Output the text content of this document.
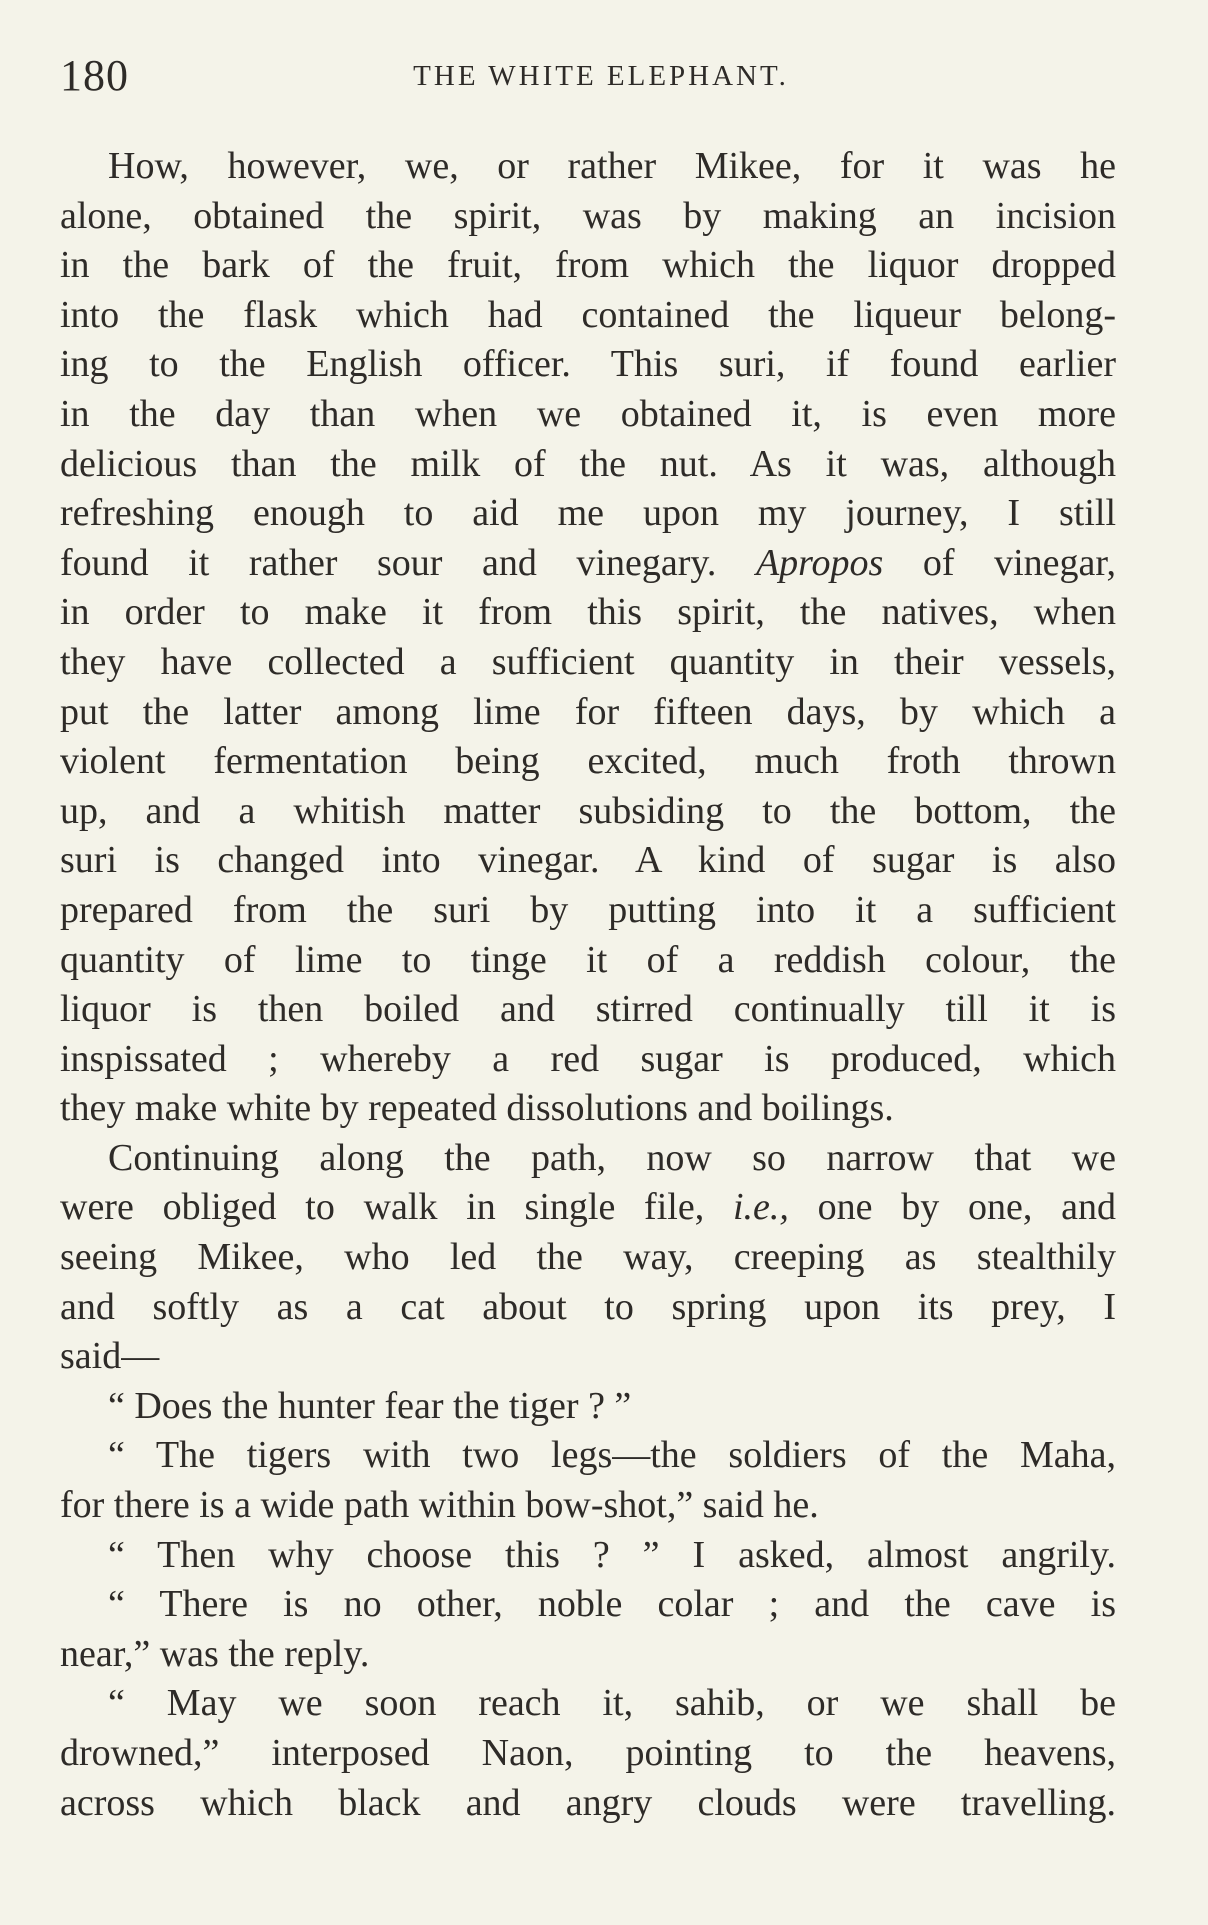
180	THE WHITE ELEPHANT.
How, however, we, or rather Mikee, for it was he
alone, obtained the spirit, was by making an incision
in the bark of the fruit, from which the liquor dropped
into the flask which had contained the liqueur belong-
ing to the English officer. This suri, if found earlier
in the day than when we obtained it, is even more
delicious than the milk of the nut. As it was, although
refreshing enough to aid me upon my journey, I still
found it rather sour and vinegary. Apropos of vinegar,
in order to make it from this spirit, the natives, when
they have collected a sufficient quantity in their vessels,
put the latter among lime for fifteen days, by which a
violent fermentation being excited, much froth thrown
up, and a whitish matter subsiding to the bottom, the
suri is changed into vinegar. A kind of sugar is also
prepared from the suri by putting into it a sufficient
quantity of lime to tinge it of a reddish colour, the
liquor is then boiled and stirred continually till it is
inspissated ; whereby a red sugar is produced, which
they make white by repeated dissolutions and boilings.
Continuing along the path, now so narrow that we
were obliged to walk in single file, i.e., one by one, and
seeing Mikee, who led the way, creeping as stealthily
and softly as a cat about to spring upon its prey, I
said—
“ Does the hunter fear the tiger ? ”
“ The tigers with two legs—the soldiers of the Maha,
for there is a wide path within bow-shot,” said he.
“ Then why choose this ? ” I asked, almost angrily.
“ There is no other, noble colar ; and the cave is
near,” was the reply.
“ May we soon reach it, sahib, or we shall be
drowned,” interposed Naon, pointing to the heavens,
across which black and angry clouds were travelling.
